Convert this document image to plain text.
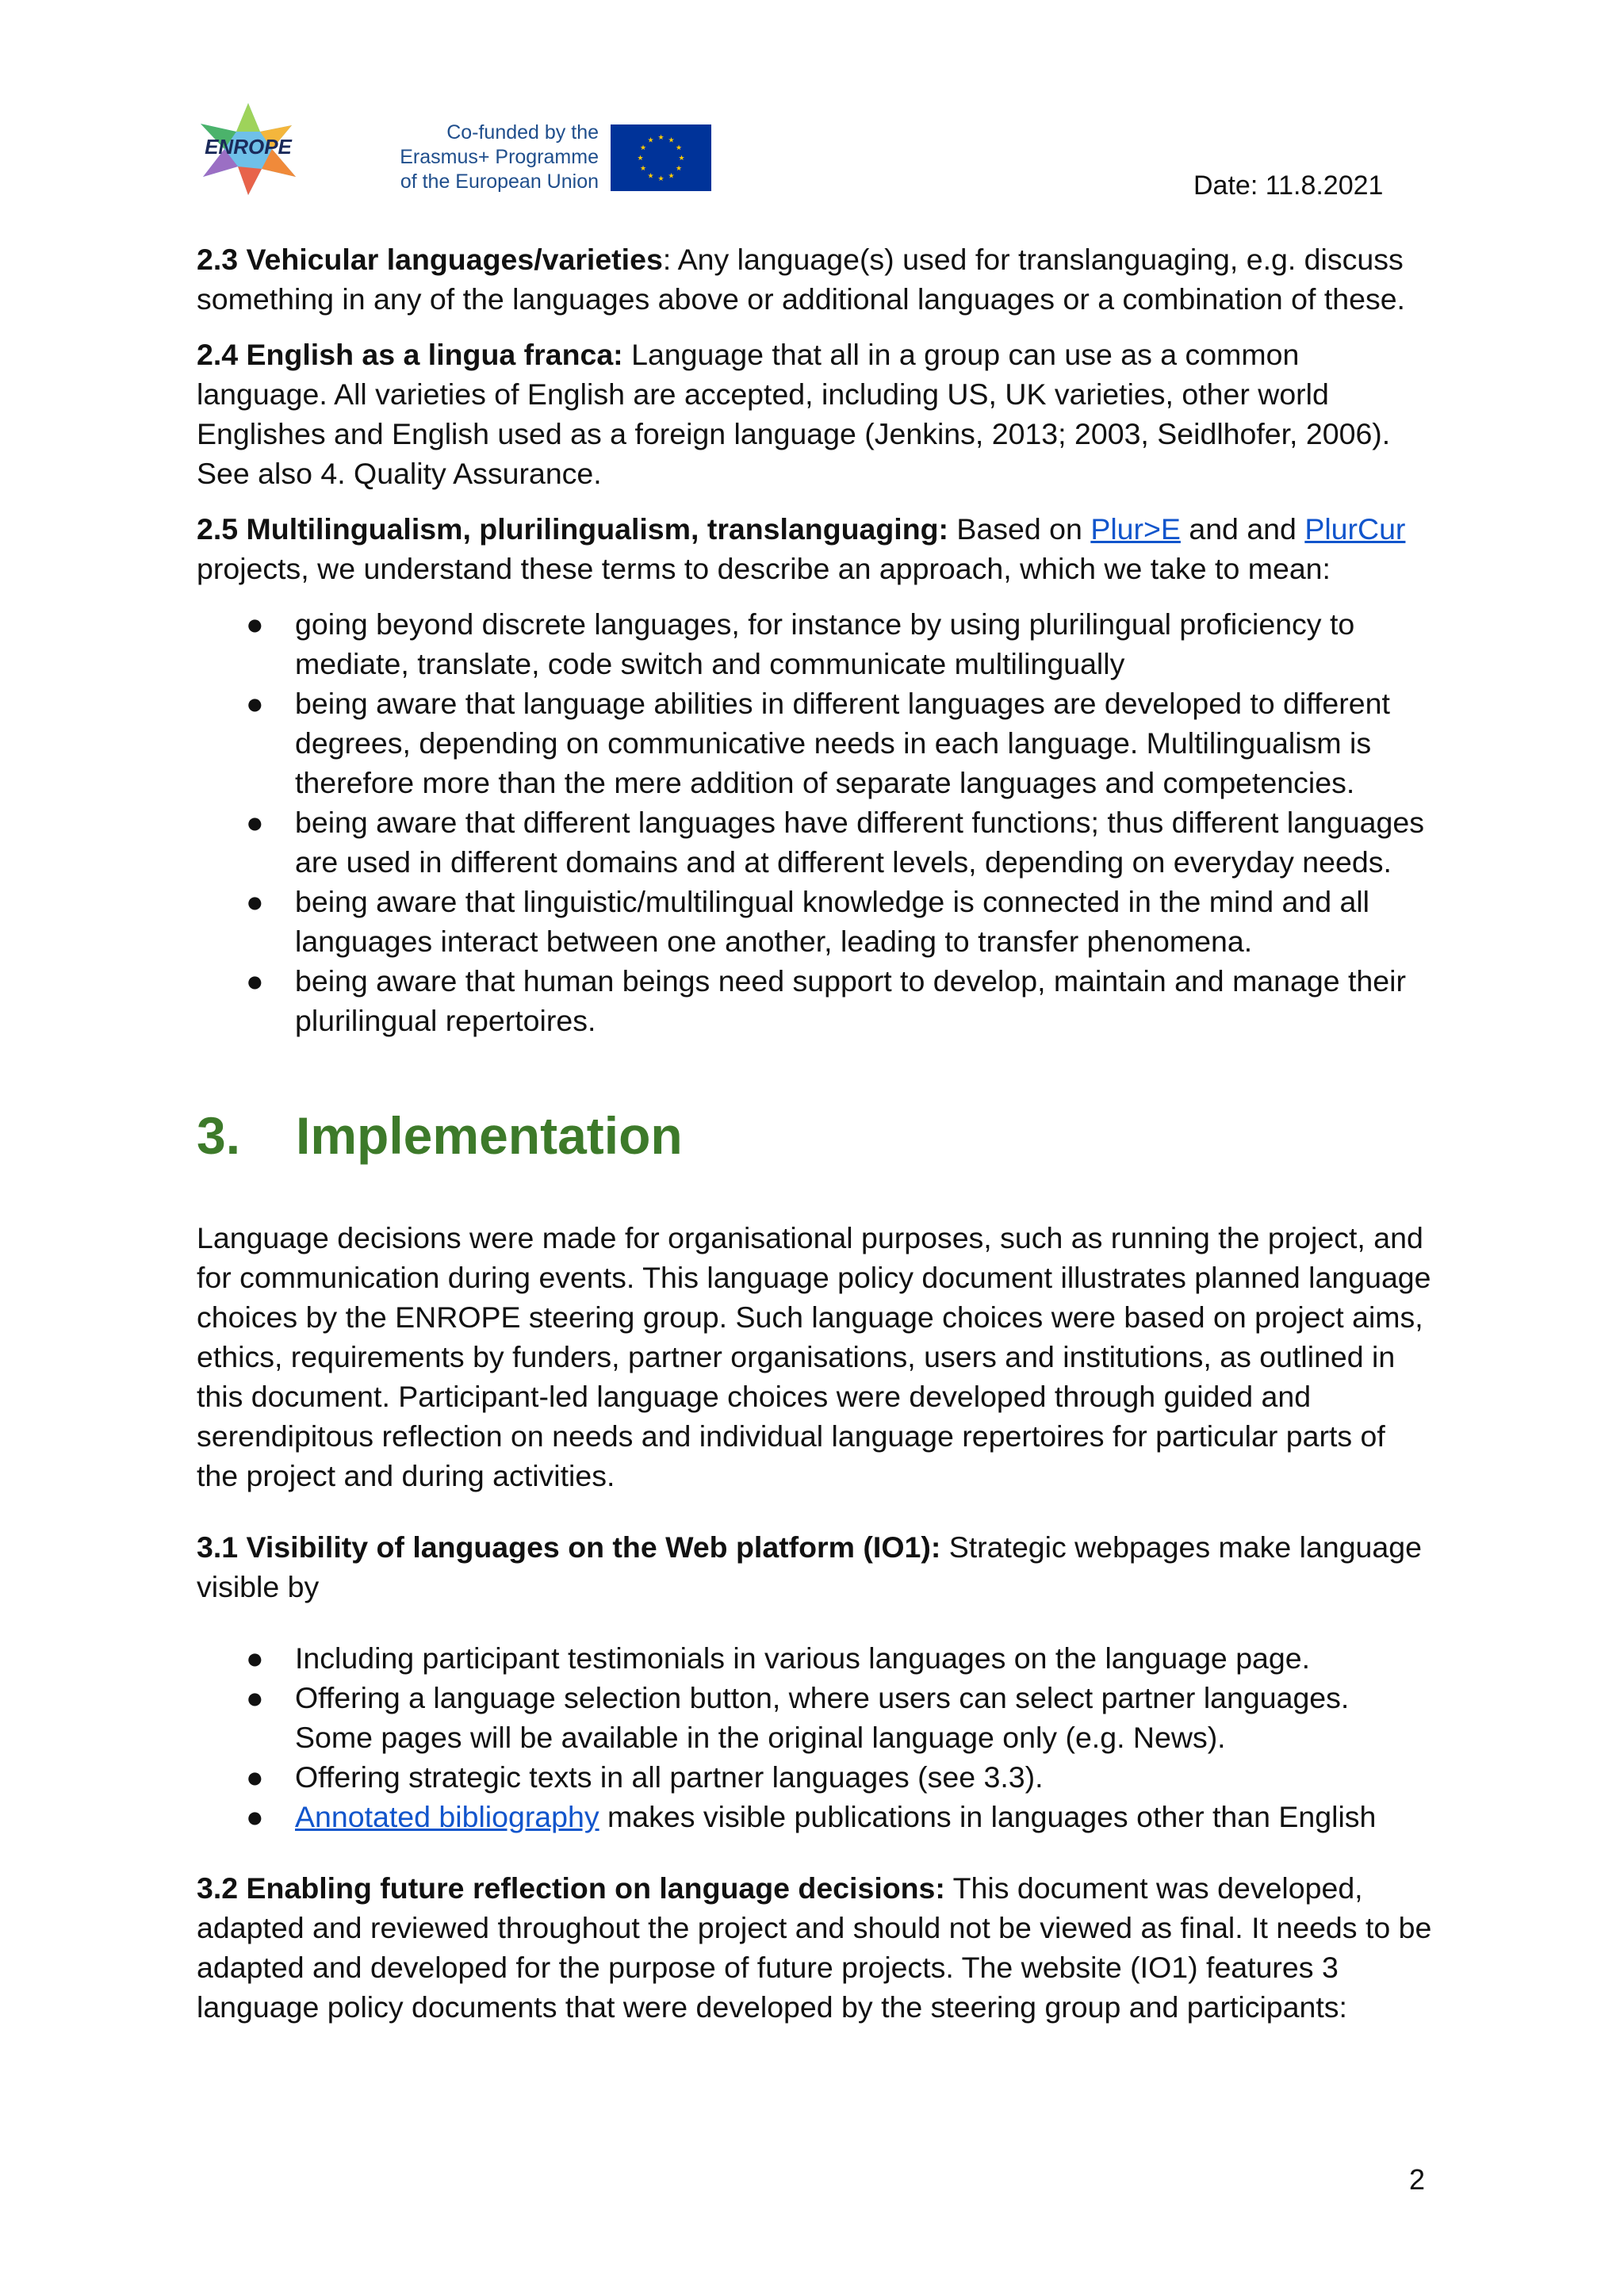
ENROPE
Co-funded by the
Erasmus+ Programme
of the European Union
★ ★
★
★
★
★
★
★
★
★
★
★
Date: 11.8.2021

2.3 Vehicular languages/varieties: Any language(s) used for translanguaging, e.g. discuss something in any of the languages above or additional languages or a combination of these.

2.4 English as a lingua franca: Language that all in a group can use as a common language. All varieties of English are accepted, including US, UK varieties, other world Englishes and English used as a foreign language (Jenkins, 2013; 2003, Seidlhofer, 2006). See also 4. Quality Assurance.

2.5 Multilingualism, plurilingualism, translanguaging: Based on Plur>E and and PlurCur projects, we understand these terms to describe an approach, which we take to mean:

● going beyond discrete languages, for instance by using plurilingual proficiency to mediate, translate, code switch and communicate multilingually
● being aware that language abilities in different languages are developed to different degrees, depending on communicative needs in each language. Multilingualism is therefore more than the mere addition of separate languages and competencies.
● being aware that different languages have different functions; thus different languages are used in different domains and at different levels, depending on everyday needs.
● being aware that linguistic/multilingual knowledge is connected in the mind and all languages interact between one another, leading to transfer phenomena.
● being aware that human beings need support to develop, maintain and manage their plurilingual repertoires.
3. Implementation

Language decisions were made for organisational purposes, such as running the project, and for communication during events. This language policy document illustrates planned language choices by the ENROPE steering group. Such language choices were based on project aims, ethics, requirements by funders, partner organisations, users and institutions, as outlined in this document. Participant-led language choices were developed through guided and serendipitous reflection on needs and individual language repertoires for particular parts of the project and during activities.

3.1 Visibility of languages on the Web platform (IO1): Strategic webpages make language visible by

● Including participant testimonials in various languages on the language page.
● Offering a language selection button, where users can select partner languages. Some pages will be available in the original language only (e.g. News).
● Offering strategic texts in all partner languages (see 3.3).
● Annotated bibliography makes visible publications in languages other than English

3.2 Enabling future reflection on language decisions: This document was developed, adapted and reviewed throughout the project and should not be viewed as final. It needs to be adapted and developed for the purpose of future projects. The website (IO1) features 3 language policy documents that were developed by the steering group and participants:

2
